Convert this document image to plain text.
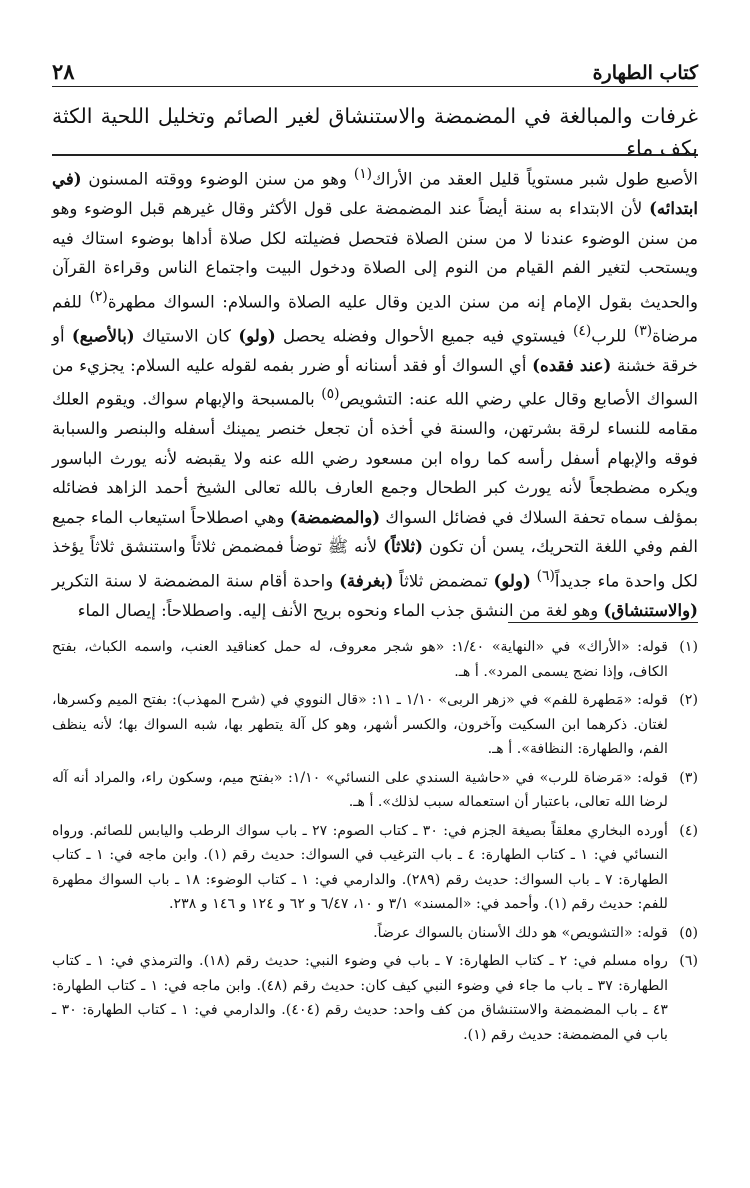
كتاب الطهارة
٢٨
غرفات والمبالغة في المضمضة والاستنشاق لغير الصائم وتخليل اللحية الكثة بكف ماء
الأصبع طول شبر مستوياً قليل العقد من الأراك$^{(١)}$ وهو من سنن الوضوء ووقته المسنون (في ابتدائه) لأن الابتداء به سنة أيضاً عند المضمضة على قول الأكثر وقال غيرهم قبل الوضوء وهو من سنن الوضوء عندنا لا من سنن الصلاة فتحصل فضيلته لكل صلاة أداها بوضوء استاك فيه ويستحب لتغير الفم القيام من النوم إلى الصلاة ودخول البيت واجتماع الناس وقراءة القرآن والحديث بقول الإمام إنه من سنن الدين وقال عليه الصلاة والسلام: السواك مطهرة$^{(٢)}$ للفم مرضاة$^{(٣)}$ للرب$^{(٤)}$ فيستوي فيه جميع الأحوال وفضله يحصل (ولو) كان الاستياك (بالأصبع) أو خرقة خشنة (عند فقده) أي السواك أو فقد أسنانه أو ضرر بفمه لقوله عليه السلام: يجزيء من السواك الأصابع وقال علي رضي الله عنه: التشويص$^{(٥)}$ بالمسبحة والإبهام سواك. ويقوم العلك مقامه للنساء لرقة بشرتهن، والسنة في أخذه أن تجعل خنصر يمينك أسفله والبنصر والسبابة فوقه والإبهام أسفل رأسه كما رواه ابن مسعود رضي الله عنه ولا يقبضه لأنه يورث الباسور ويكره مضطجعاً لأنه يورث كبر الطحال وجمع العارف بالله تعالى الشيخ أحمد الزاهد فضائله بمؤلف سماه تحفة السلاك في فضائل السواك (والمضمضة) وهي اصطلاحاً استيعاب الماء جميع الفم وفي اللغة التحريك، يسن أن تكون (ثلاثاً) لأنه ﷺ توضأ فمضمض ثلاثاً واستنشق ثلاثاً يؤخذ لكل واحدة ماء جديداً$^{(٦)}$ (ولو) تمضمض ثلاثاً (بغرفة) واحدة أقام سنة المضمضة لا سنة التكرير (والاستنشاق) وهو لغة من النشق جذب الماء ونحوه بريح الأنف إليه. واصطلاحاً: إيصال الماء
(١)
قوله: «الأراك» في «النهاية» ١/٤٠: «هو شجر معروف، له حمل كعناقيد العنب، واسمه الكباث، بفتح الكاف، وإذا نضج يسمى المرد». أ هـ.
(٢)
قوله: «مَطهرة للفم» في «زهر الربى» ١/١٠ ـ ١١: «قال النووي في (شرح المهذب): بفتح الميم وكسرها، لغتان. ذكرهما ابن السكيت وآخرون، والكسر أشهر، وهو كل آلة يتطهر بها، شبه السواك بها؛ لأنه ينظف الفم، والطهارة: النظافة». أ هـ.
(٣)
قوله: «مَرضاة للرب» في «حاشية السندي على النسائي» ١/١٠: «بفتح ميم، وسكون راء، والمراد أنه آله لرضا الله تعالى، باعتبار أن استعماله سبب لذلك». أ هـ.
(٤)
أورده البخاري معلقاً بصيغة الجزم في: ٣٠ ـ كتاب الصوم: ٢٧ ـ باب سواك الرطب واليابس للصائم. ورواه النسائي في: ١ ـ كتاب الطهارة: ٤ ـ باب الترغيب في السواك: حديث رقم (١). وابن ماجه في: ١ ـ كتاب الطهارة: ٧ ـ باب السواك: حديث رقم (٢٨٩). والدارمي في: ١ ـ كتاب الوضوء: ١٨ ـ باب السواك مطهرة للفم: حديث رقم (١). وأحمد في: «المسند» ٣/١ و ١٠، ٦/٤٧ و ٦٢ و ١٢٤ و ١٤٦ و ٢٣٨.
(٥)
قوله: «التشويص» هو دلك الأسنان بالسواك عرضاً.
(٦)
رواه مسلم في: ٢ ـ كتاب الطهارة: ٧ ـ باب في وضوء النبي: حديث رقم (١٨). والترمذي في: ١ ـ كتاب الطهارة: ٣٧ ـ باب ما جاء في وضوء النبي كيف كان: حديث رقم (٤٨). وابن ماجه في: ١ ـ كتاب الطهارة: ٤٣ ـ باب المضمضة والاستنشاق من كف واحد: حديث رقم (٤٠٤). والدارمي في: ١ ـ كتاب الطهارة: ٣٠ ـ باب في المضمضة: حديث رقم (١).
